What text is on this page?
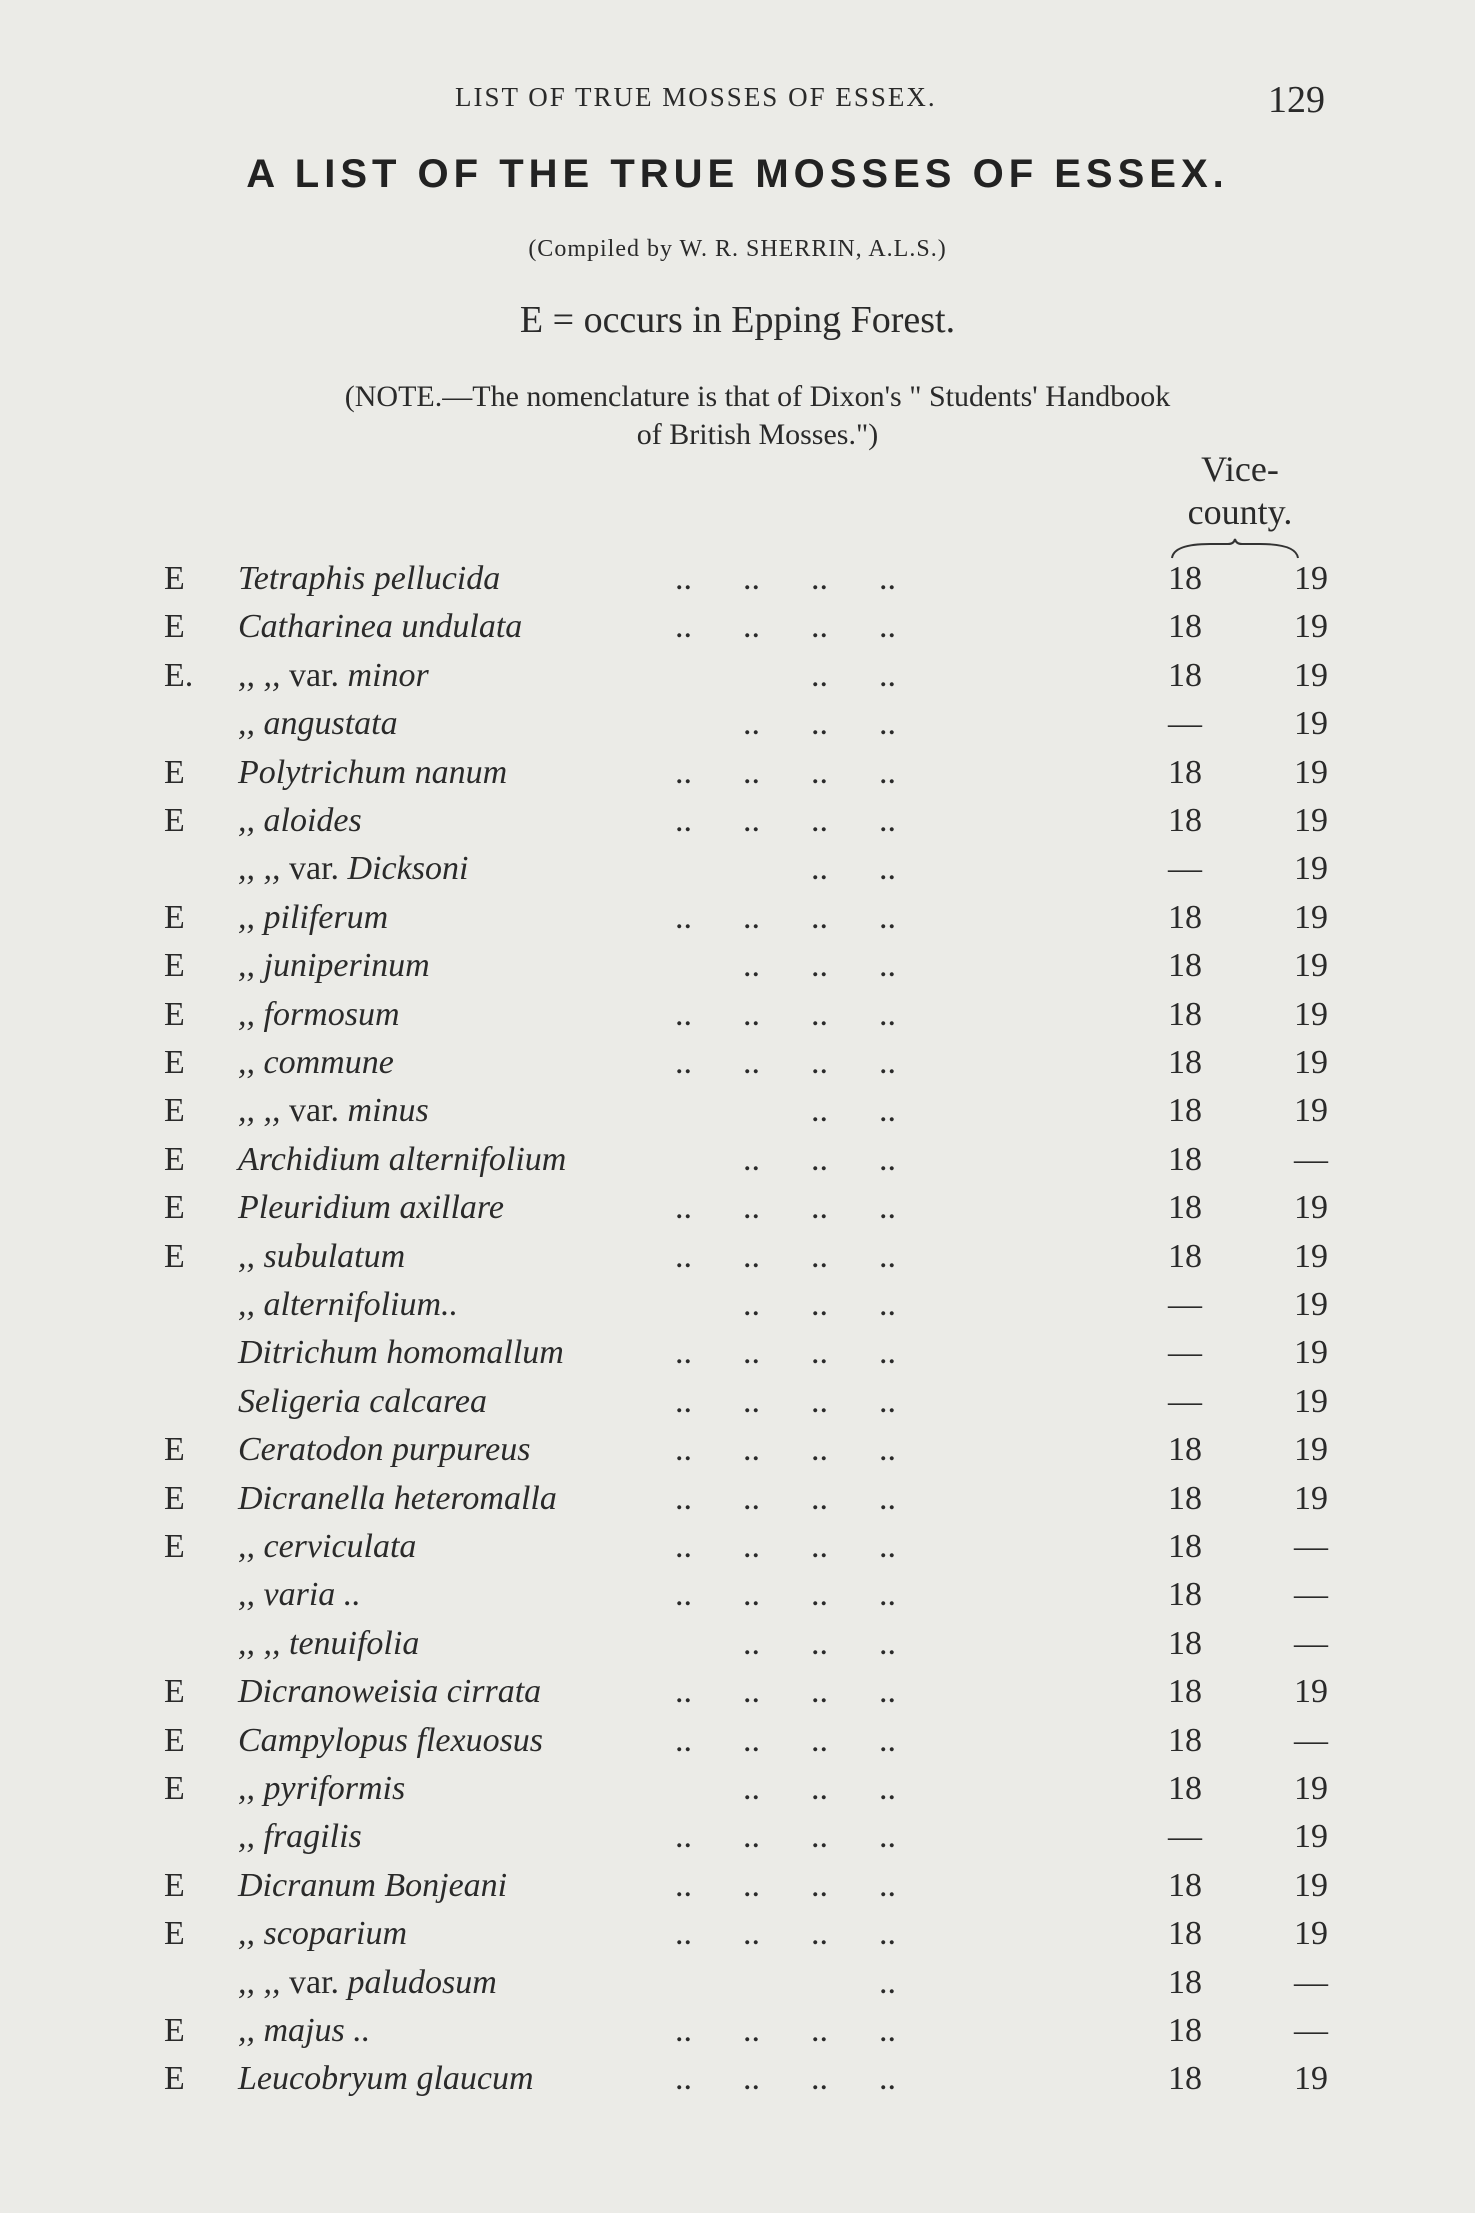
LIST OF TRUE MOSSES OF ESSEX.	129
A LIST OF THE TRUE MOSSES OF ESSEX.
(Compiled by W. R. SHERRIN, A.L.S.)
E = occurs in Epping Forest.
(NOTE.—The nomenclature is that of Dixon's " Students' Handbook
of British Mosses.")
Vice-
county.
E Tetraphis pellucida	..      ..      ..      ..	18	19
E Catharinea undulata	..      ..      ..      ..	18	19
E. ,, ,, var. minor	..      ..	18	19
,, angustata	..      ..      ..	—	19
E Polytrichum nanum	..      ..      ..      ..	18	19
E ,, aloides	..      ..      ..      ..	18	19
,, ,, var. Dicksoni	..      ..	—	19
E ,, piliferum	..      ..      ..      ..	18	19
E ,, juniperinum	..      ..      ..	18	19
E ,, formosum	..      ..      ..      ..	18	19
E ,, commune	..      ..      ..      ..	18	19
E ,, ,, var. minus	..      ..	18	19
E Archidium alternifolium	..      ..      ..	18	—
E Pleuridium axillare	..      ..      ..      ..	18	19
E ,, subulatum	..      ..      ..      ..	18	19
,, alternifolium..	..      ..      ..	—	19
Ditrichum homomallum	..      ..      ..      ..	—	19
Seligeria calcarea	..      ..      ..      ..	—	19
E Ceratodon purpureus	..      ..      ..      ..	18	19
E Dicranella heteromalla	..      ..      ..      ..	18	19
E ,, cerviculata	..      ..      ..      ..	18	—
,, varia ..	..      ..      ..      ..	18	—
,, ,, tenuifolia	..      ..      ..	18	—
E Dicranoweisia cirrata	..      ..      ..      ..	18	19
E Campylopus flexuosus	..      ..      ..      ..	18	—
E ,, pyriformis	..      ..      ..	18	19
,, fragilis	..      ..      ..      ..	—	19
E Dicranum Bonjeani	..      ..      ..      ..	18	19
E ,, scoparium	..      ..      ..      ..	18	19
,, ,, var. paludosum	..	18	—
E ,, majus ..	..      ..      ..      ..	18	—
E Leucobryum glaucum	..      ..      ..      ..	18	19
